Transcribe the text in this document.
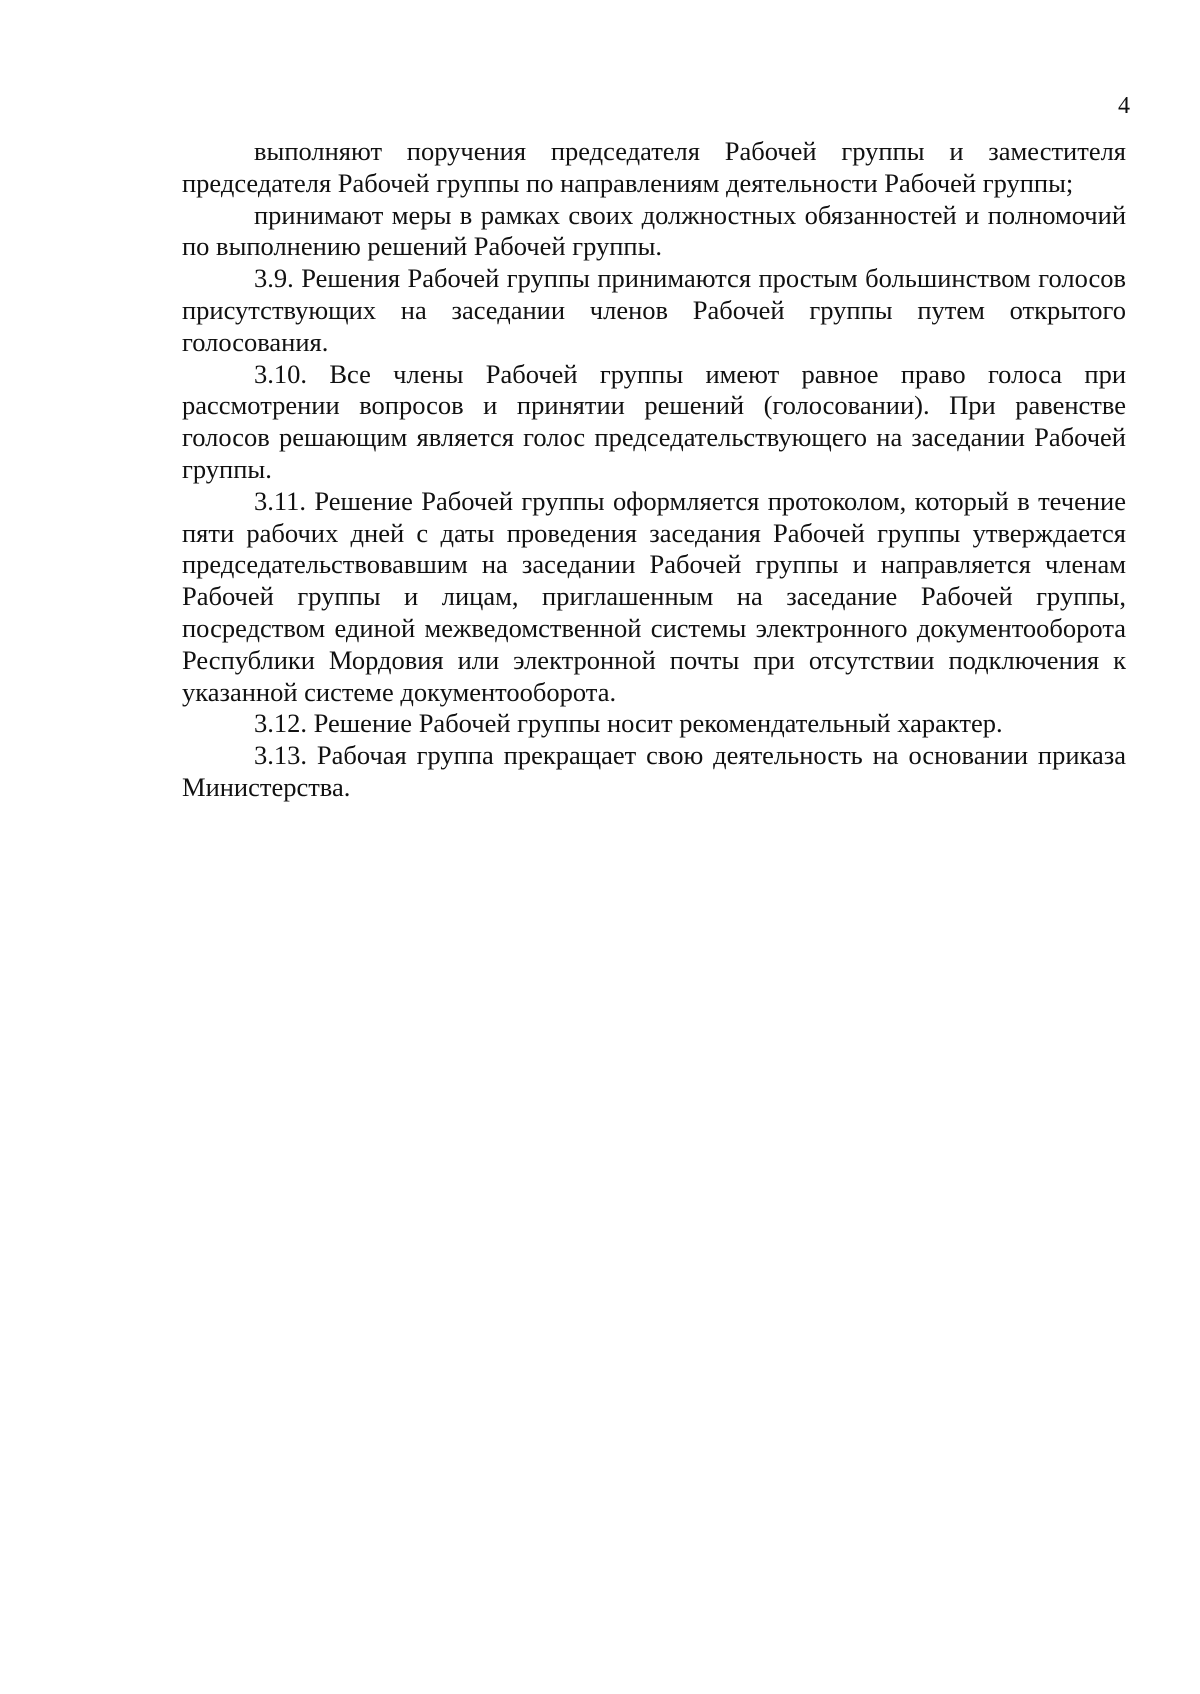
4

выполняют поручения председателя Рабочей группы и заместителя председателя Рабочей группы по направлениям деятельности Рабочей группы;

принимают меры в рамках своих должностных обязанностей и полномочий по выполнению решений Рабочей группы.

3.9. Решения Рабочей группы принимаются простым большинством голосов присутствующих на заседании членов Рабочей группы путем открытого голосования.

3.10. Все члены Рабочей группы имеют равное право голоса при рассмотрении вопросов и принятии решений (голосовании). При равенстве голосов решающим является голос председательствующего на заседании Рабочей группы.

3.11. Решение Рабочей группы оформляется протоколом, который в течение пяти рабочих дней с даты проведения заседания Рабочей группы утверждается председательствовавшим на заседании Рабочей группы и направляется членам Рабочей группы и лицам, приглашенным на заседание Рабочей группы, посредством единой межведомственной системы электронного документооборота Республики Мордовия или электронной почты при отсутствии подключения к указанной системе документооборота.

3.12. Решение Рабочей группы носит рекомендательный характер.

3.13. Рабочая группа прекращает свою деятельность на основании приказа Министерства.
